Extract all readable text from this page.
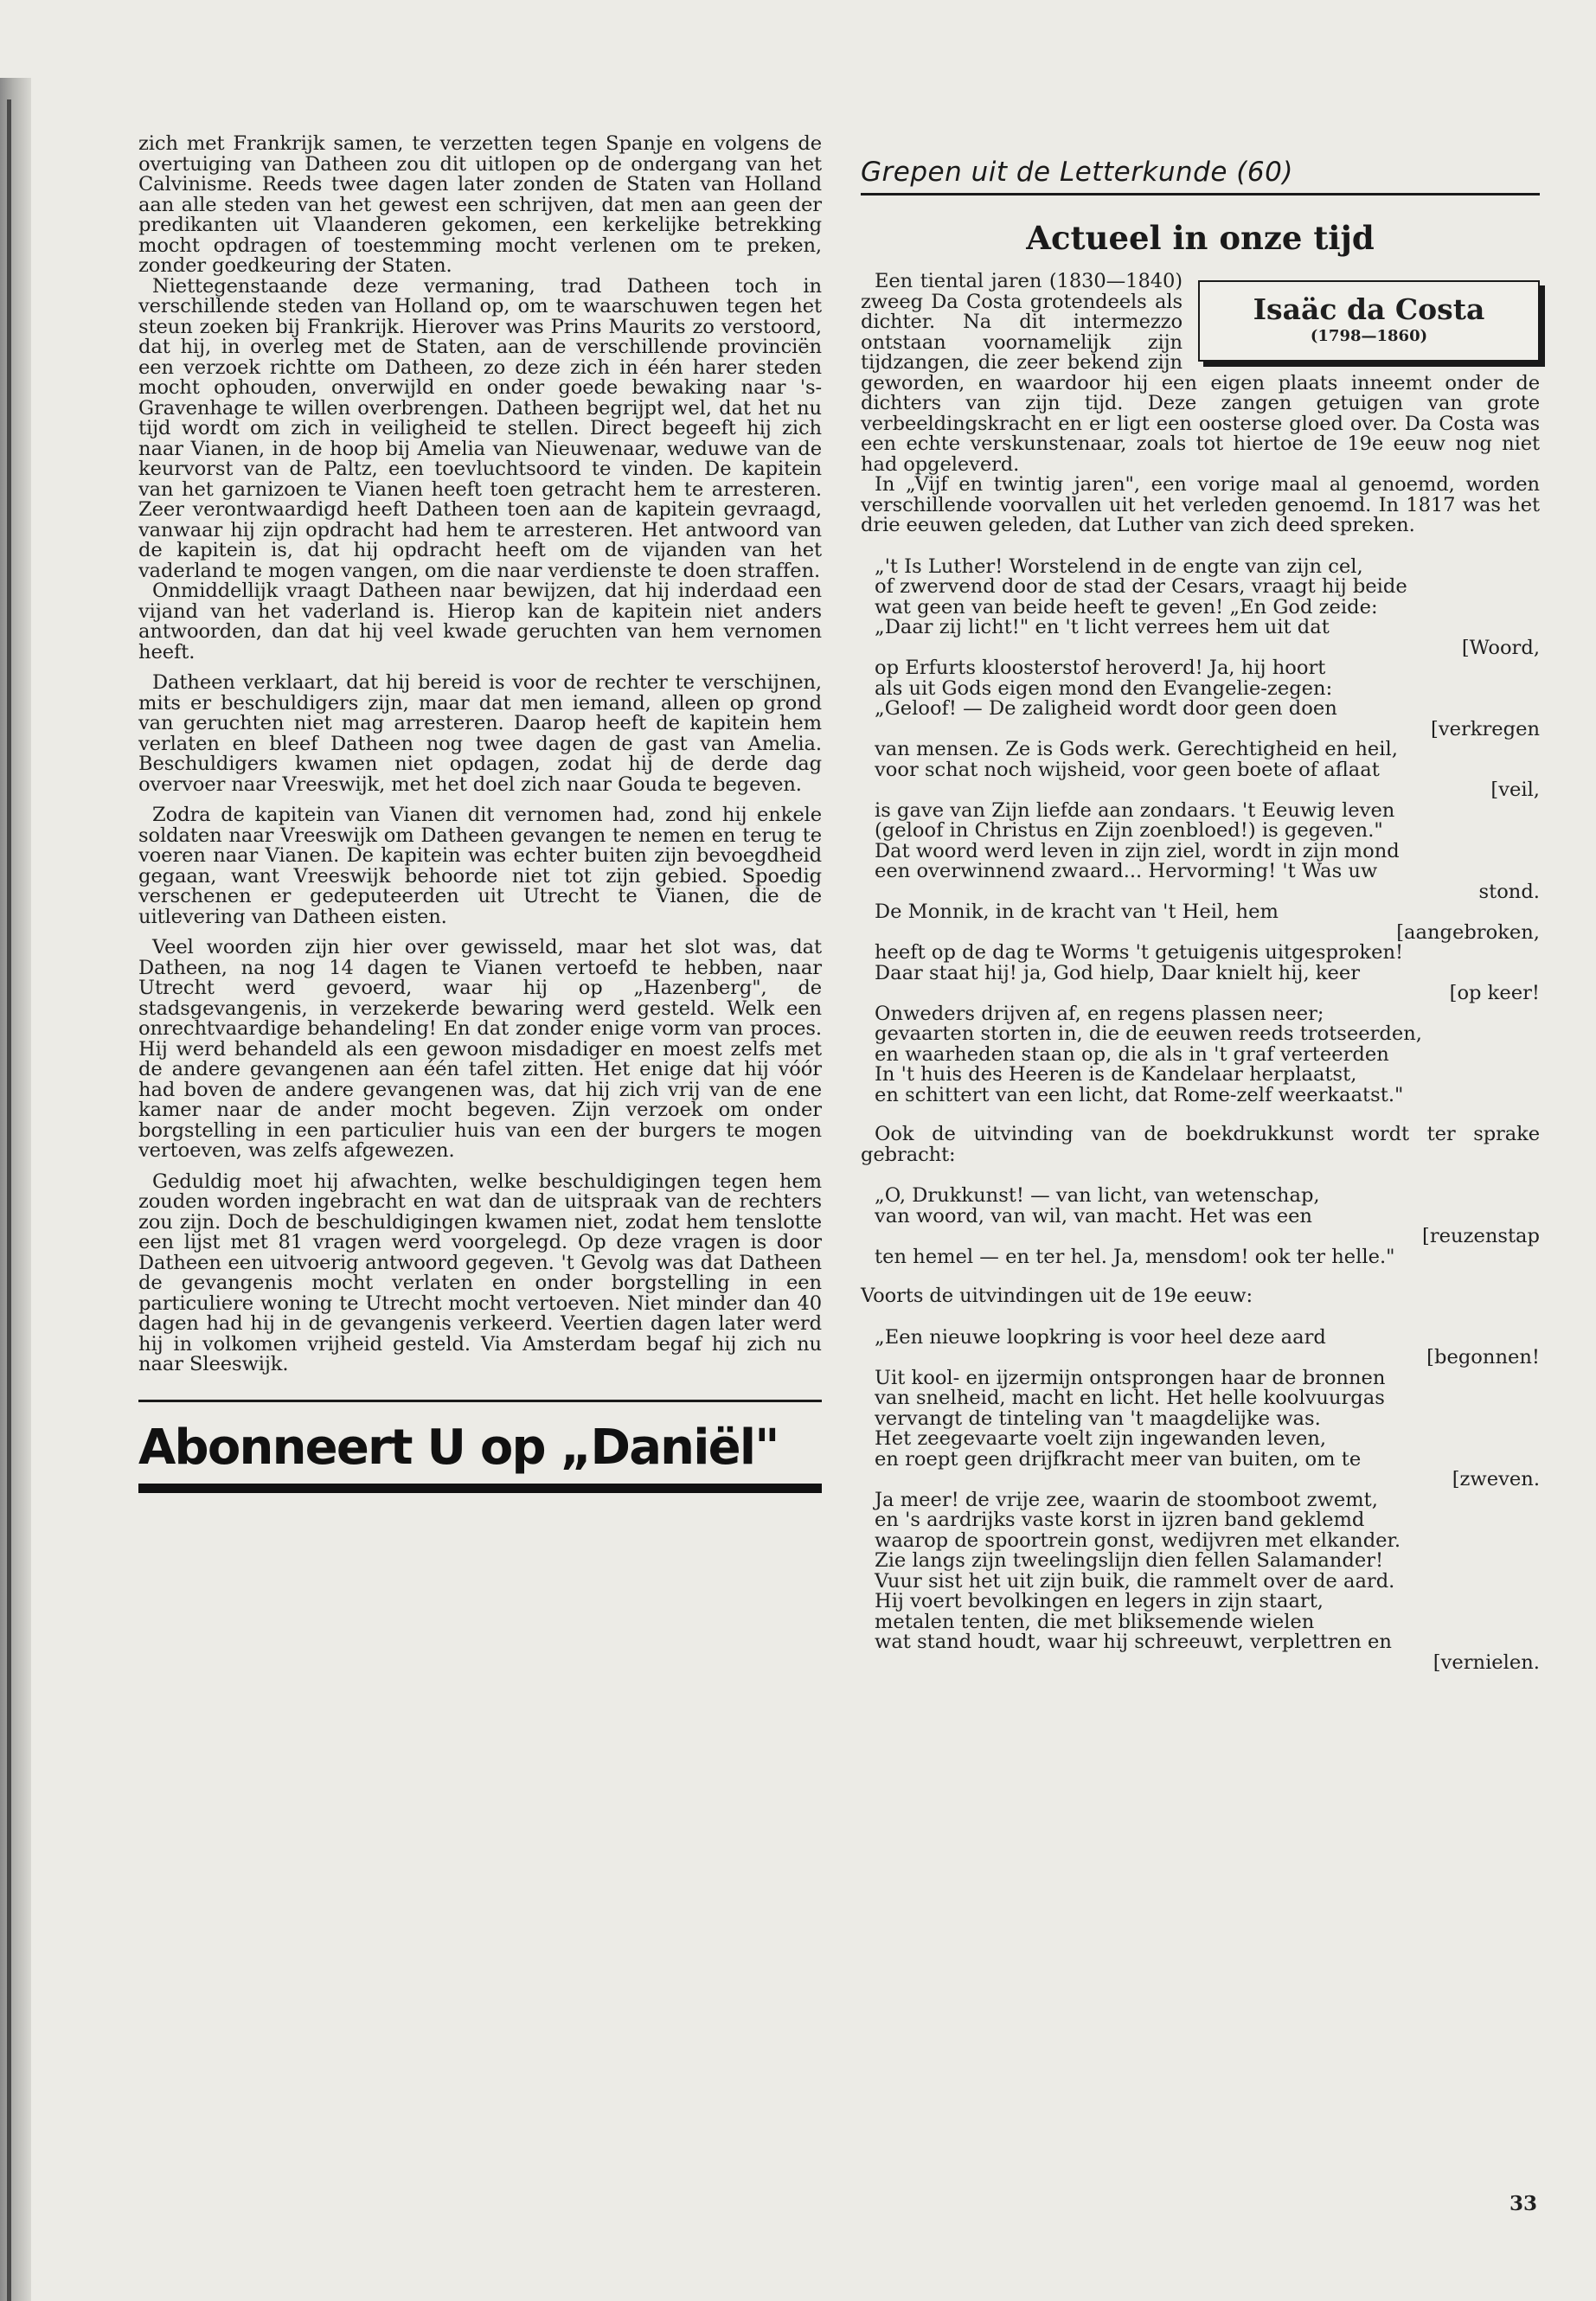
zich met Frankrijk samen, te verzetten tegen Spanje en volgens de overtuiging van Datheen zou dit uitlopen op de ondergang van het Calvinisme. Reeds twee dagen later zonden de Staten van Holland aan alle steden van het gewest een schrijven, dat men aan geen der predikanten uit Vlaanderen gekomen, een kerkelijke betrekking mocht opdragen of toestemming mocht verlenen om te preken, zonder goedkeuring der Staten.

Niettegenstaande deze vermaning, trad Datheen toch in verschillende steden van Holland op, om te waarschuwen tegen het steun zoeken bij Frankrijk. Hierover was Prins Maurits zo verstoord, dat hij, in overleg met de Staten, aan de verschillende provinciën een verzoek richtte om Datheen, zo deze zich in één harer steden mocht ophouden, onverwijld en onder goede bewaking naar 's-Gravenhage te willen overbrengen. Datheen begrijpt wel, dat het nu tijd wordt om zich in veiligheid te stellen. Direct begeeft hij zich naar Vianen, in de hoop bij Amelia van Nieuwenaar, weduwe van de keurvorst van de Paltz, een toevluchtsoord te vinden. De kapitein van het garnizoen te Vianen heeft toen getracht hem te arresteren. Zeer verontwaardigd heeft Datheen toen aan de kapitein gevraagd, vanwaar hij zijn opdracht had hem te arresteren. Het antwoord van de kapitein is, dat hij opdracht heeft om de vijanden van het vaderland te mogen vangen, om die naar verdienste te doen straffen.

Onmiddellijk vraagt Datheen naar bewijzen, dat hij inderdaad een vijand van het vaderland is. Hierop kan de kapitein niet anders antwoorden, dan dat hij veel kwade geruchten van hem vernomen heeft.

Datheen verklaart, dat hij bereid is voor de rechter te verschijnen, mits er beschuldigers zijn, maar dat men iemand, alleen op grond van geruchten niet mag arresteren. Daarop heeft de kapitein hem verlaten en bleef Datheen nog twee dagen de gast van Amelia. Beschuldigers kwamen niet opdagen, zodat hij de derde dag overvoer naar Vreeswijk, met het doel zich naar Gouda te begeven.

Zodra de kapitein van Vianen dit vernomen had, zond hij enkele soldaten naar Vreeswijk om Datheen gevangen te nemen en terug te voeren naar Vianen. De kapitein was echter buiten zijn bevoegdheid gegaan, want Vreeswijk behoorde niet tot zijn gebied. Spoedig verschenen er gedeputeerden uit Utrecht te Vianen, die de uitlevering van Datheen eisten.

Veel woorden zijn hier over gewisseld, maar het slot was, dat Datheen, na nog 14 dagen te Vianen vertoefd te hebben, naar Utrecht werd gevoerd, waar hij op „Hazenberg", de stadsgevangenis, in verzekerde bewaring werd gesteld. Welk een onrechtvaardige behandeling! En dat zonder enige vorm van proces. Hij werd behandeld als een gewoon misdadiger en moest zelfs met de andere gevangenen aan één tafel zitten. Het enige dat hij vóór had boven de andere gevangenen was, dat hij zich vrij van de ene kamer naar de ander mocht begeven. Zijn verzoek om onder borgstelling in een particulier huis van een der burgers te mogen vertoeven, was zelfs afgewezen.

Geduldig moet hij afwachten, welke beschuldigingen tegen hem zouden worden ingebracht en wat dan de uitspraak van de rechters zou zijn. Doch de beschuldigingen kwamen niet, zodat hem tenslotte een lijst met 81 vragen werd voorgelegd. Op deze vragen is door Datheen een uitvoerig antwoord gegeven. 't Gevolg was dat Datheen de gevangenis mocht verlaten en onder borgstelling in een particuliere woning te Utrecht mocht vertoeven. Niet minder dan 40 dagen had hij in de gevangenis verkeerd. Veertien dagen later werd hij in volkomen vrijheid gesteld. Via Amsterdam begaf hij zich nu naar Sleeswijk.

Abonneert U op „Daniël"
Grepen uit de Letterkunde (60)
Actueel in onze tijd
Isaäc da Costa
(1798—1860)

Een tiental jaren (1830—1840) zweeg Da Costa grotendeels als dichter. Na dit intermezzo ontstaan voornamelijk zijn tijdzangen, die zeer bekend zijn geworden, en waardoor hij een eigen plaats inneemt onder de dichters van zijn tijd. Deze zangen getuigen van grote verbeeldingskracht en er ligt een oosterse gloed over. Da Costa was een echte verskunstenaar, zoals tot hiertoe de 19e eeuw nog niet had opgeleverd.

In „Vijf en twintig jaren", een vorige maal al genoemd, worden verschillende voorvallen uit het verleden genoemd. In 1817 was het drie eeuwen geleden, dat Luther van zich deed spreken.

„'t Is Luther! Worstelend in de engte van zijn cel,
of zwervend door de stad der Cesars, vraagt hij beide
wat geen van beide heeft te geven! „En God zeide:
„Daar zij licht!" en 't licht verrees hem uit dat
[Woord,
op Erfurts kloosterstof heroverd! Ja, hij hoort
als uit Gods eigen mond den Evangelie-zegen:
„Geloof! — De zaligheid wordt door geen doen
[verkregen
van mensen. Ze is Gods werk. Gerechtigheid en heil,
voor schat noch wijsheid, voor geen boete of aflaat
[veil,
is gave van Zijn liefde aan zondaars. 't Eeuwig leven
(geloof in Christus en Zijn zoenbloed!) is gegeven."
Dat woord werd leven in zijn ziel, wordt in zijn mond
een overwinnend zwaard... Hervorming! 't Was uw
stond.
De Monnik, in de kracht van 't Heil, hem
[aangebroken,
heeft op de dag te Worms 't getuigenis uitgesproken!
Daar staat hij! ja, God hielp, Daar knielt hij, keer
[op keer!
Onweders drijven af, en regens plassen neer;
gevaarten storten in, die de eeuwen reeds trotseerden,
en waarheden staan op, die als in 't graf verteerden
In 't huis des Heeren is de Kandelaar herplaatst,
en schittert van een licht, dat Rome-zelf weerkaatst."

Ook de uitvinding van de boekdrukkunst wordt ter sprake gebracht:

„O, Drukkunst! — van licht, van wetenschap,
van woord, van wil, van macht. Het was een
[reuzenstap
ten hemel — en ter hel. Ja, mensdom! ook ter helle."

Voorts de uitvindingen uit de 19e eeuw:

„Een nieuwe loopkring is voor heel deze aard
[begonnen!
Uit kool- en ijzermijn ontsprongen haar de bronnen
van snelheid, macht en licht. Het helle koolvuurgas
vervangt de tinteling van 't maagdelijke was.
Het zeegevaarte voelt zijn ingewanden leven,
en roept geen drijfkracht meer van buiten, om te
[zweven.
Ja meer! de vrije zee, waarin de stoomboot zwemt,
en 's aardrijks vaste korst in ijzren band geklemd
waarop de spoortrein gonst, wedijvren met elkander.
Zie langs zijn tweelingslijn dien fellen Salamander!
Vuur sist het uit zijn buik, die rammelt over de aard.
Hij voert bevolkingen en legers in zijn staart,
metalen tenten, die met bliksemende wielen
wat stand houdt, waar hij schreeuwt, verplettren en
[vernielen.
33
